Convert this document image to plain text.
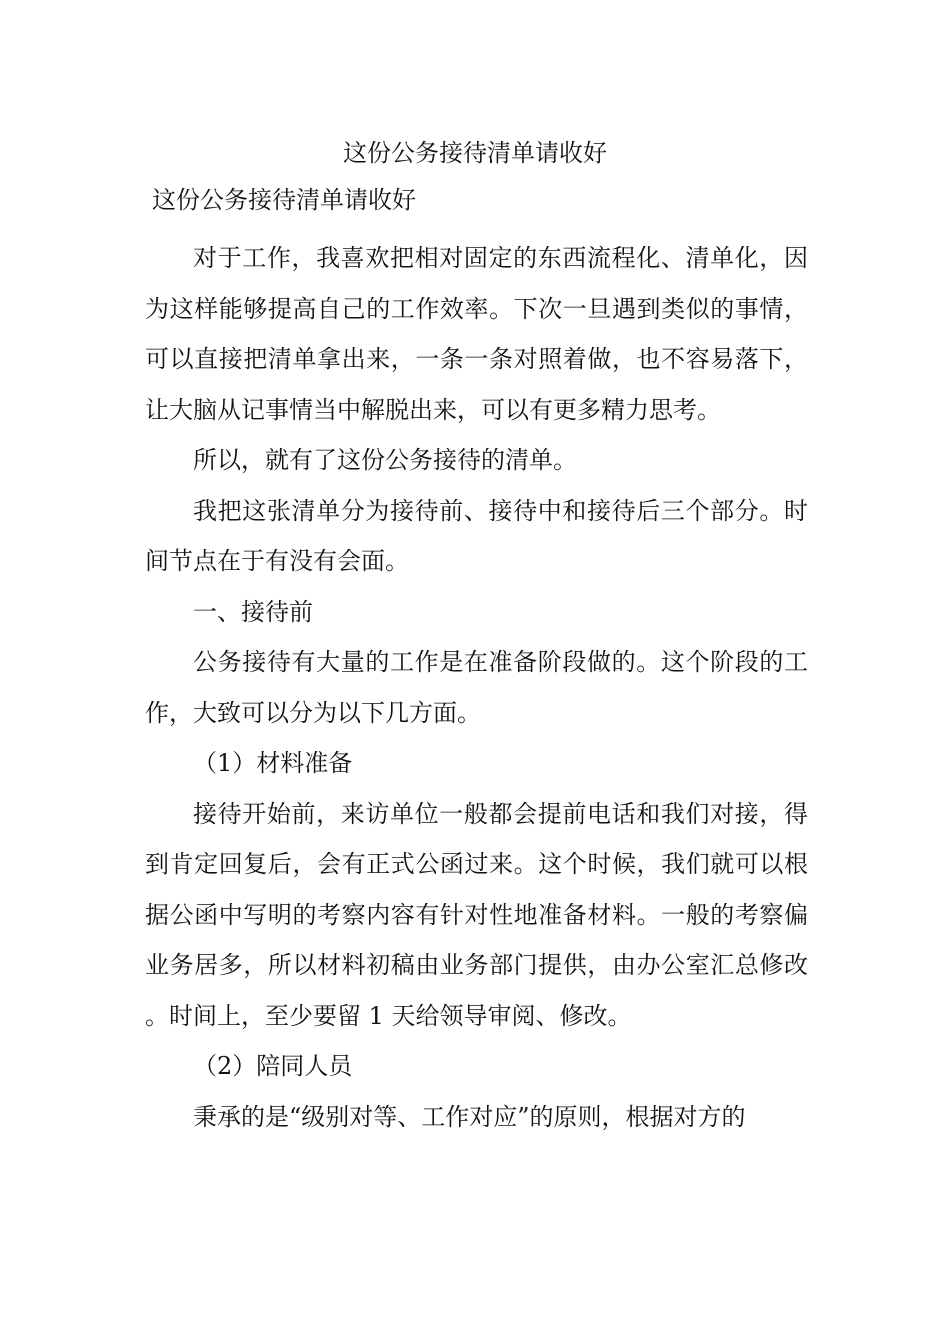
这份公务接待清单请收好
这份公务接待清单请收好

对于工作，我喜欢把相对固定的东西流程化、清单化，因为这样能够提高自己的工作效率。下次一旦遇到类似的事情，可以直接把清单拿出来，一条一条对照着做，也不容易落下，让大脑从记事情当中解脱出来，可以有更多精力思考。

所以，就有了这份公务接待的清单。

我把这张清单分为接待前、接待中和接待后三个部分。时间节点在于有没有会面。

一、接待前

公务接待有大量的工作是在准备阶段做的。这个阶段的工作，大致可以分为以下几方面。

（1）材料准备

接待开始前，来访单位一般都会提前电话和我们对接，得到肯定回复后，会有正式公函过来。这个时候，我们就可以根据公函中写明的考察内容有针对性地准备材料。一般的考察偏业务居多，所以材料初稿由业务部门提供，由办公室汇总修改。时间上，至少要留 1 天给领导审阅、修改。

（2）陪同人员

秉承的是“级别对等、工作对应”的原则，根据对方的
